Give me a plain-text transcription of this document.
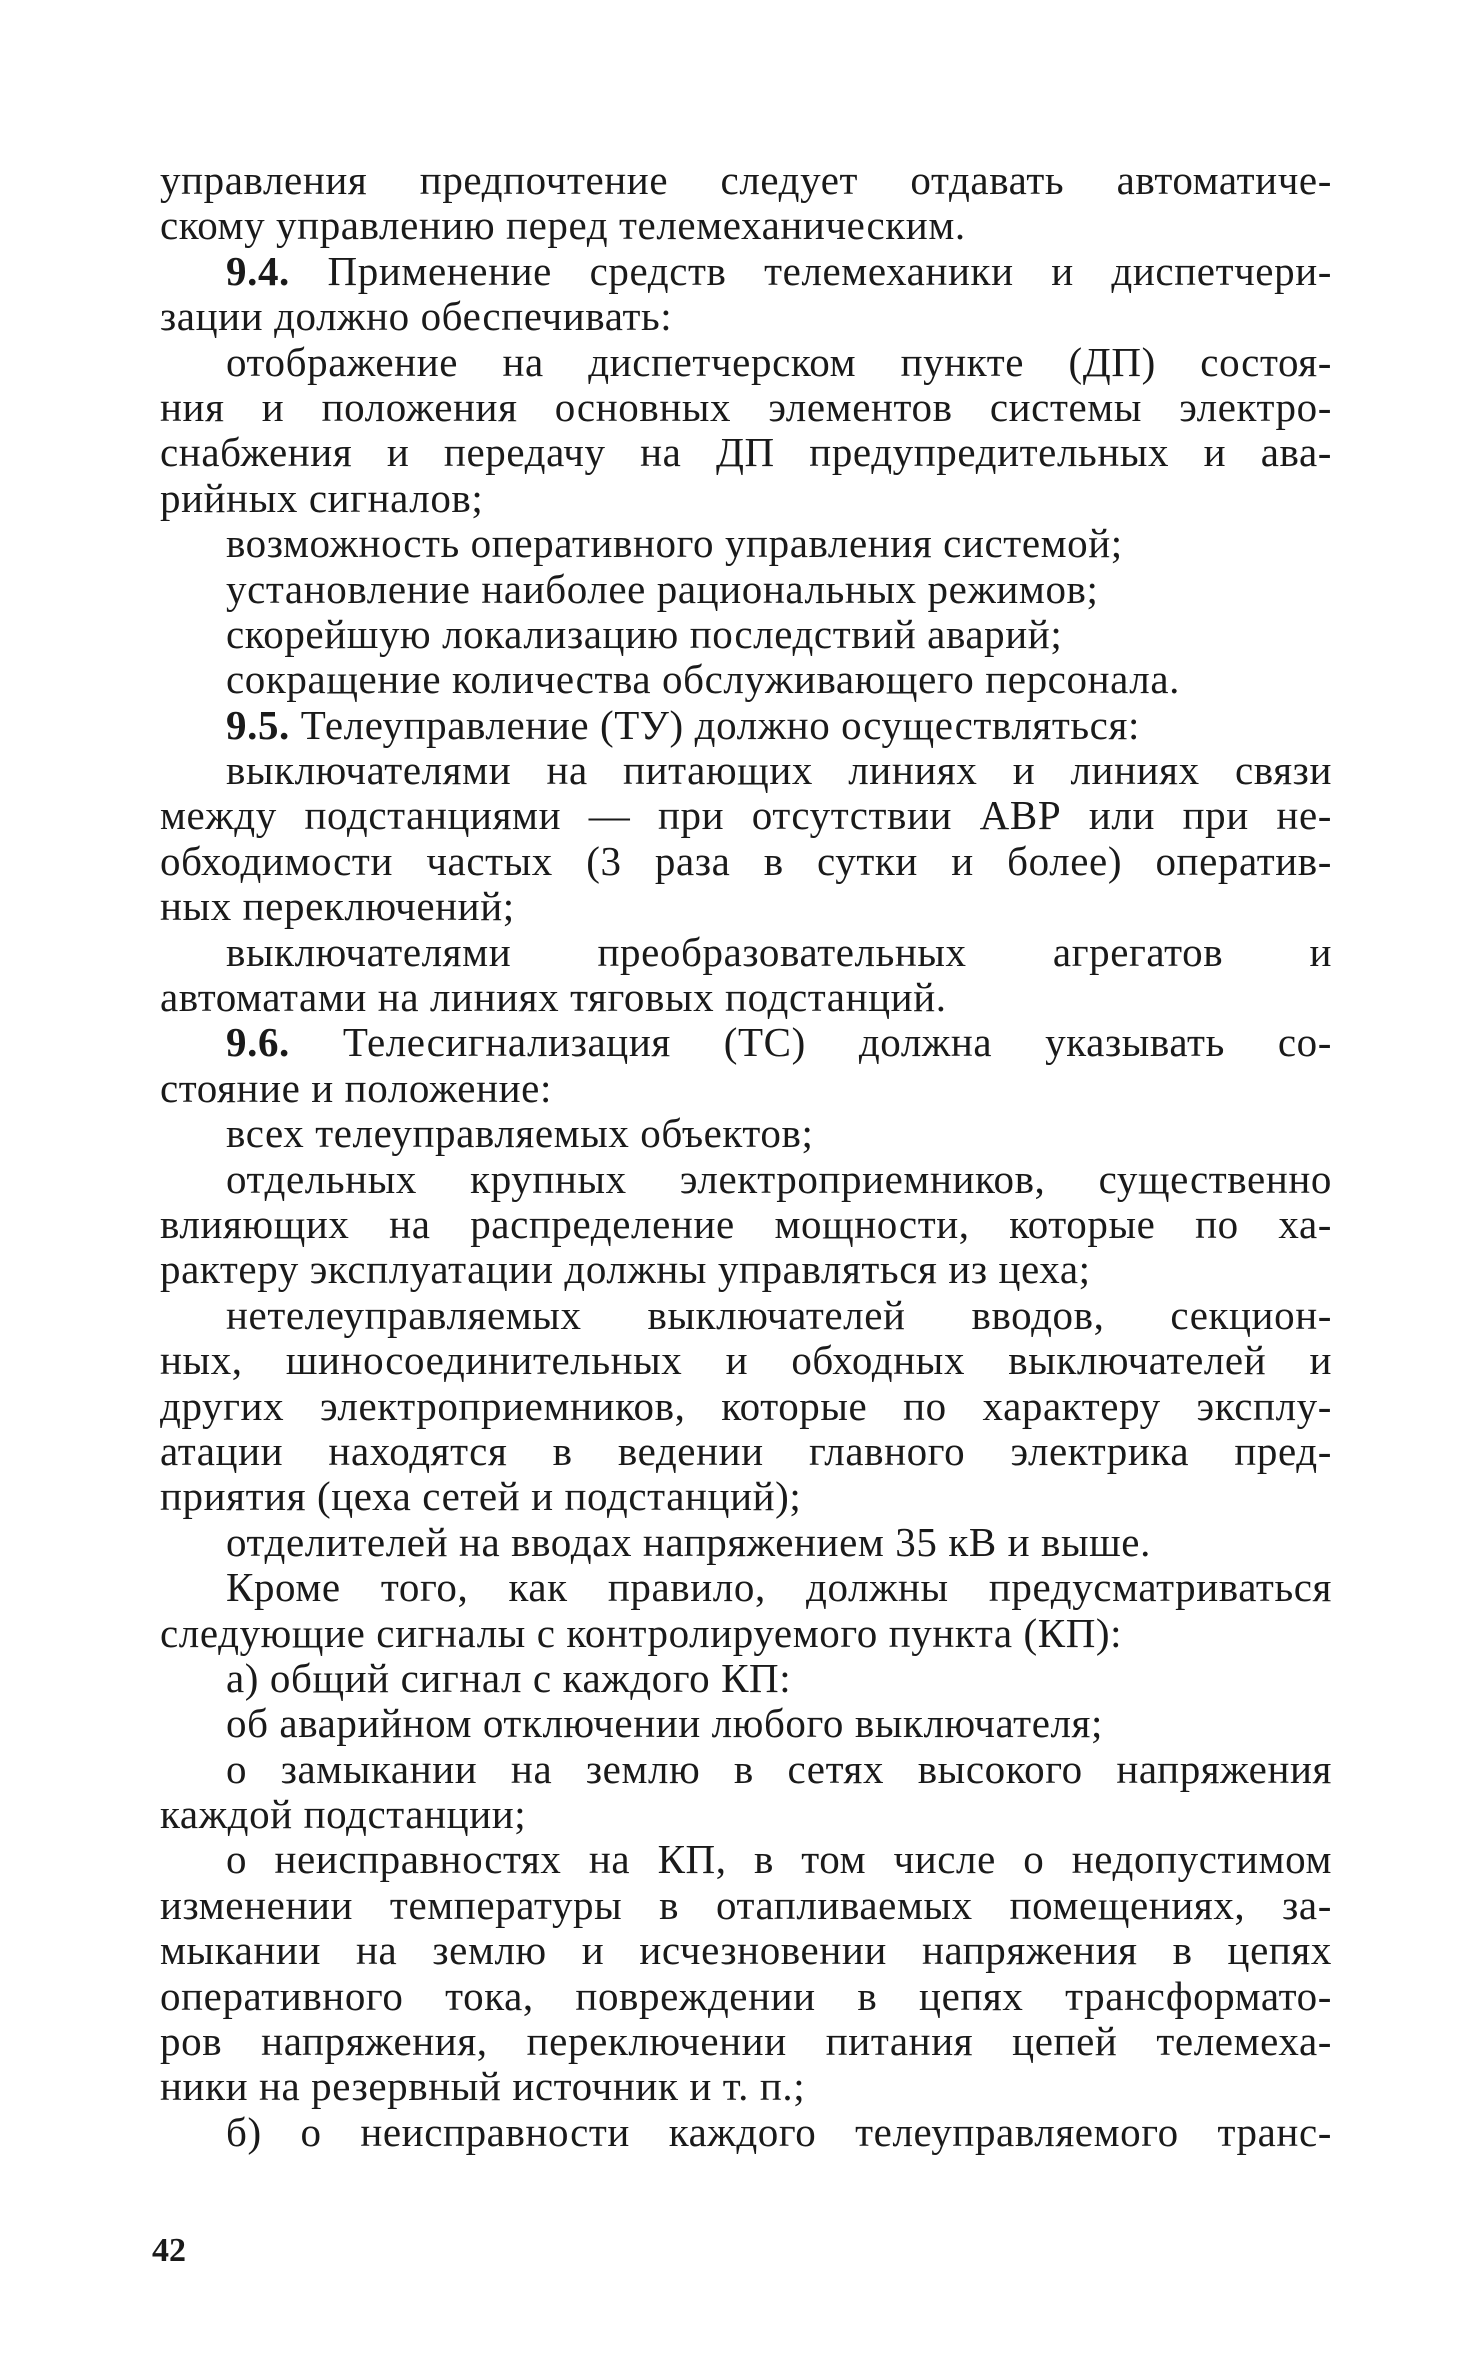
управления предпочтение следует отдавать автоматиче-
скому управлению перед телемеханическим.
9.4. Применение средств телемеханики и диспетчери-
зации должно обеспечивать:
отображение на диспетчерском пункте (ДП) состоя-
ния и положения основных элементов системы электро-
снабжения и передачу на ДП предупредительных и ава-
рийных сигналов;
возможность оперативного управления системой;
установление наиболее рациональных режимов;
скорейшую локализацию последствий аварий;
сокращение количества обслуживающего персонала.
9.5. Телеуправление (ТУ) должно осуществляться:
выключателями на питающих линиях и линиях связи
между подстанциями — при отсутствии АВР или при не-
обходимости частых (3 раза в сутки и более) оператив-
ных переключений;
выключателями преобразовательных агрегатов и
автоматами на линиях тяговых подстанций.
9.6. Телесигнализация (ТС) должна указывать со-
стояние и положение:
всех телеуправляемых объектов;
отдельных крупных электроприемников, существенно
влияющих на распределение мощности, которые по ха-
рактеру эксплуатации должны управляться из цеха;
нетелеуправляемых выключателей вводов, секцион-
ных, шиносоединительных и обходных выключателей и
других электроприемников, которые по характеру эксплу-
атации находятся в ведении главного электрика пред-
приятия (цеха сетей и подстанций);
отделителей на вводах напряжением 35 кВ и выше.
Кроме того, как правило, должны предусматриваться
следующие сигналы с контролируемого пункта (КП):
а) общий сигнал с каждого КП:
об аварийном отключении любого выключателя;
о замыкании на землю в сетях высокого напряжения
каждой подстанции;
о неисправностях на КП, в том числе о недопустимом
изменении температуры в отапливаемых помещениях, за-
мыкании на землю и исчезновении напряжения в цепях
оперативного тока, повреждении в цепях трансформато-
ров напряжения, переключении питания цепей телемеха-
ники на резервный источник и т. п.;
б) о неисправности каждого телеуправляемого транс-
42
